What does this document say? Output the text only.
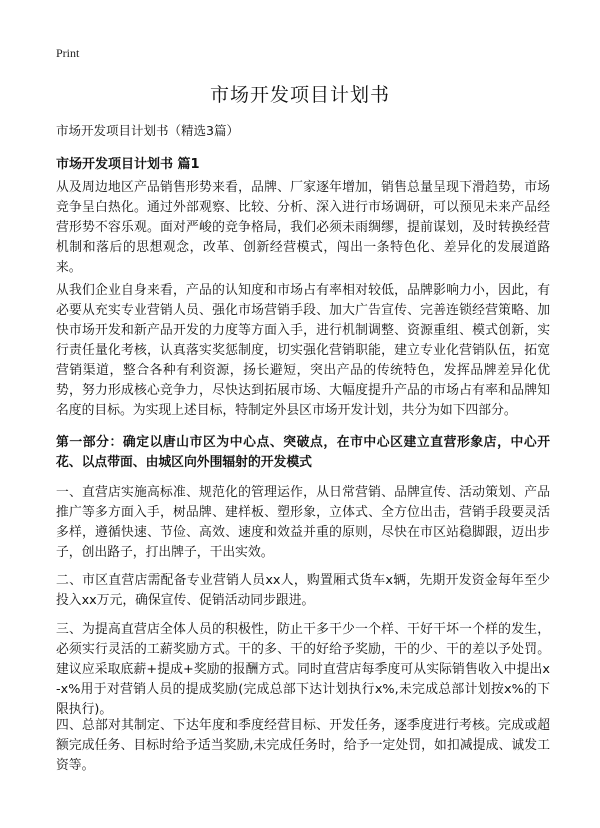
Print
市场开发项目计划书
市场开发项目计划书（精选3篇）
市场开发项目计划书 篇1

从及周边地区产品销售形势来看，品牌、厂家逐年增加，销售总量呈现下滑趋势，市场竞争呈白热化。通过外部观察、比较、分析、深入进行市场调研，可以预见未来产品经营形势不容乐观。面对严峻的竞争格局，我们必须未雨绸缪，提前谋划，及时转换经营机制和落后的思想观念，改革、创新经营模式，闯出一条特色化、差异化的发展道路来。

从我们企业自身来看，产品的认知度和市场占有率相对较低，品牌影响力小，因此，有必要从充实专业营销人员、强化市场营销手段、加大广告宣传、完善连锁经营策略、加快市场开发和新产品开发的力度等方面入手，进行机制调整、资源重组、模式创新，实行责任量化考核，认真落实奖惩制度，切实强化营销职能，建立专业化营销队伍，拓宽营销渠道，整合各种有利资源，扬长避短，突出产品的传统特色，发挥品牌差异化优势，努力形成核心竞争力，尽快达到拓展市场、大幅度提升产品的市场占有率和品牌知名度的目标。为实现上述目标，特制定外县区市场开发计划，共分为如下四部分。

第一部分：确定以唐山市区为中心点、突破点，在市中心区建立直营形象店，中心开花、以点带面、由城区向外围辐射的开发模式

一、直营店实施高标准、规范化的管理运作，从日常营销、品牌宣传、活动策划、产品推广等多方面入手，树品牌、建样板、塑形象，立体式、全方位出击，营销手段要灵活多样，遵循快速、节俭、高效、速度和效益并重的原则，尽快在市区站稳脚跟，迈出步子，创出路子，打出牌子，干出实效。

二、市区直营店需配备专业营销人员xx人，购置厢式货车x辆，先期开发资金每年至少投入xx万元，确保宣传、促销活动同步跟进。

三、为提高直营店全体人员的积极性，防止干多干少一个样、干好干坏一个样的发生，必须实行灵活的工薪奖励方式。干的多、干的好给予奖励，干的少、干的差以予处罚。建议应采取底薪+提成+奖励的报酬方式。同时直营店每季度可从实际销售收入中提出x-x%用于对营销人员的提成奖励(完成总部下达计划执行x%,未完成总部计划按x%的下限执行)。

四、总部对其制定、下达年度和季度经营目标、开发任务，逐季度进行考核。完成或超额完成任务、目标时给予适当奖励,未完成任务时，给予一定处罚，如扣减提成、诚发工资等。
